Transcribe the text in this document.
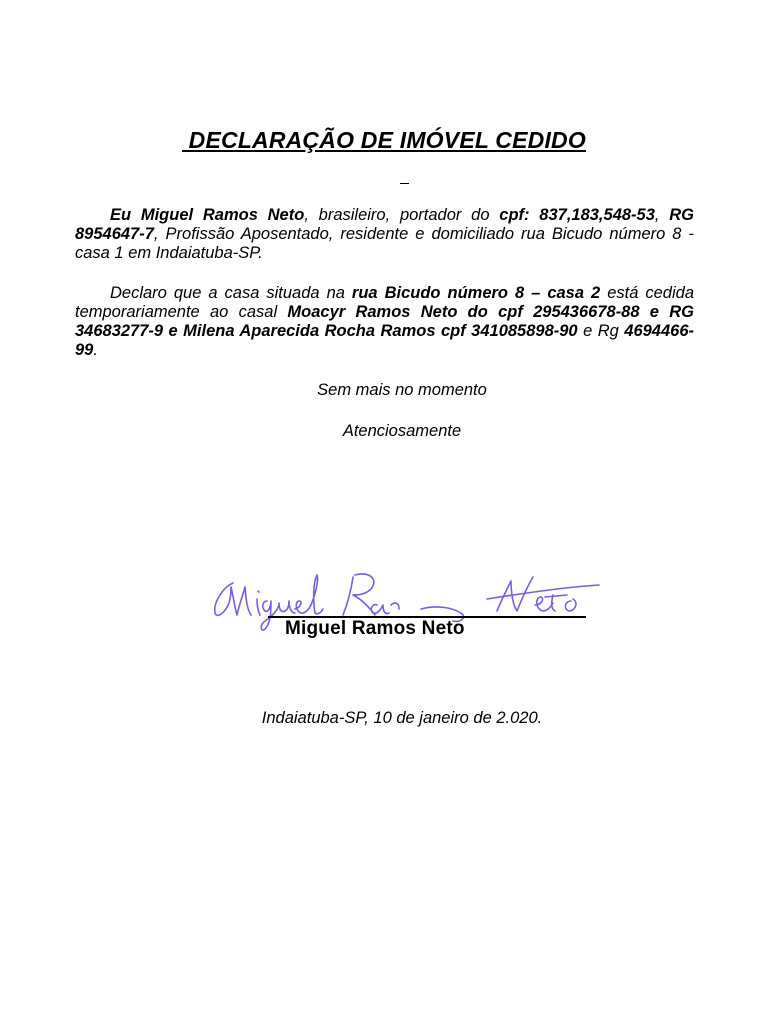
DECLARAÇÃO DE IMÓVEL CEDIDO
Eu Miguel Ramos Neto, brasileiro, portador do cpf: 837,183,548-53, RG 8954647-7, Profissão Aposentado, residente e domiciliado rua Bicudo número 8 - casa 1 em Indaiatuba-SP.
Declaro que a casa situada na rua Bicudo número 8 – casa 2 está cedida temporariamente ao casal Moacyr Ramos Neto do cpf 295436678-88 e RG 34683277-9 e Milena Aparecida Rocha Ramos cpf 341085898-90 e Rg 4694466-99.
Sem mais no momento
Atenciosamente
Miguel Ramos Neto
Indaiatuba-SP, 10 de janeiro de 2.020.
